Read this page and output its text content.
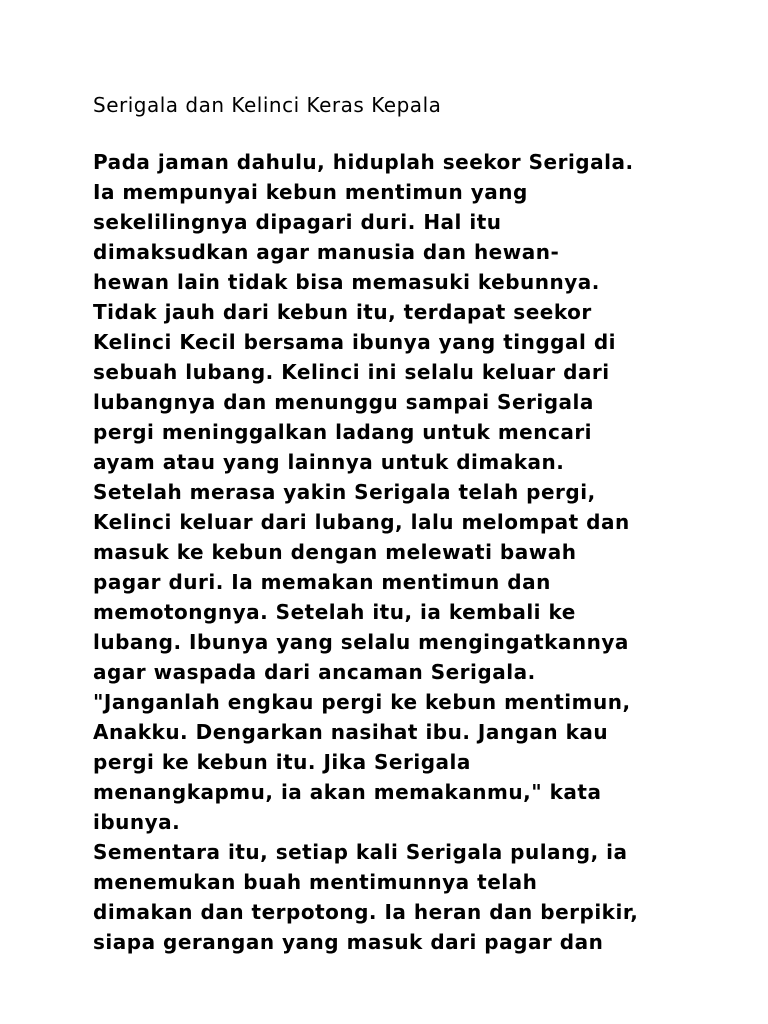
Serigala dan Kelinci Keras Kepala
Pada jaman dahulu, hiduplah seekor Serigala.
Ia mempunyai kebun mentimun yang
sekelilingnya dipagari duri. Hal itu
dimaksudkan agar manusia dan hewan-
hewan lain tidak bisa memasuki kebunnya.
Tidak jauh dari kebun itu, terdapat seekor
Kelinci Kecil bersama ibunya yang tinggal di
sebuah lubang. Kelinci ini selalu keluar dari
lubangnya dan menunggu sampai Serigala
pergi meninggalkan ladang untuk mencari
ayam atau yang lainnya untuk dimakan.
Setelah merasa yakin Serigala telah pergi,
Kelinci keluar dari lubang, lalu melompat dan
masuk ke kebun dengan melewati bawah
pagar duri. Ia memakan mentimun dan
memotongnya. Setelah itu, ia kembali ke
lubang. Ibunya yang selalu mengingatkannya
agar waspada dari ancaman Serigala.
"Janganlah engkau pergi ke kebun mentimun,
Anakku. Dengarkan nasihat ibu. Jangan kau
pergi ke kebun itu. Jika Serigala
menangkapmu, ia akan memakanmu," kata
ibunya.
Sementara itu, setiap kali Serigala pulang, ia
menemukan buah mentimunnya telah
dimakan dan terpotong. Ia heran dan berpikir,
siapa gerangan yang masuk dari pagar dan
